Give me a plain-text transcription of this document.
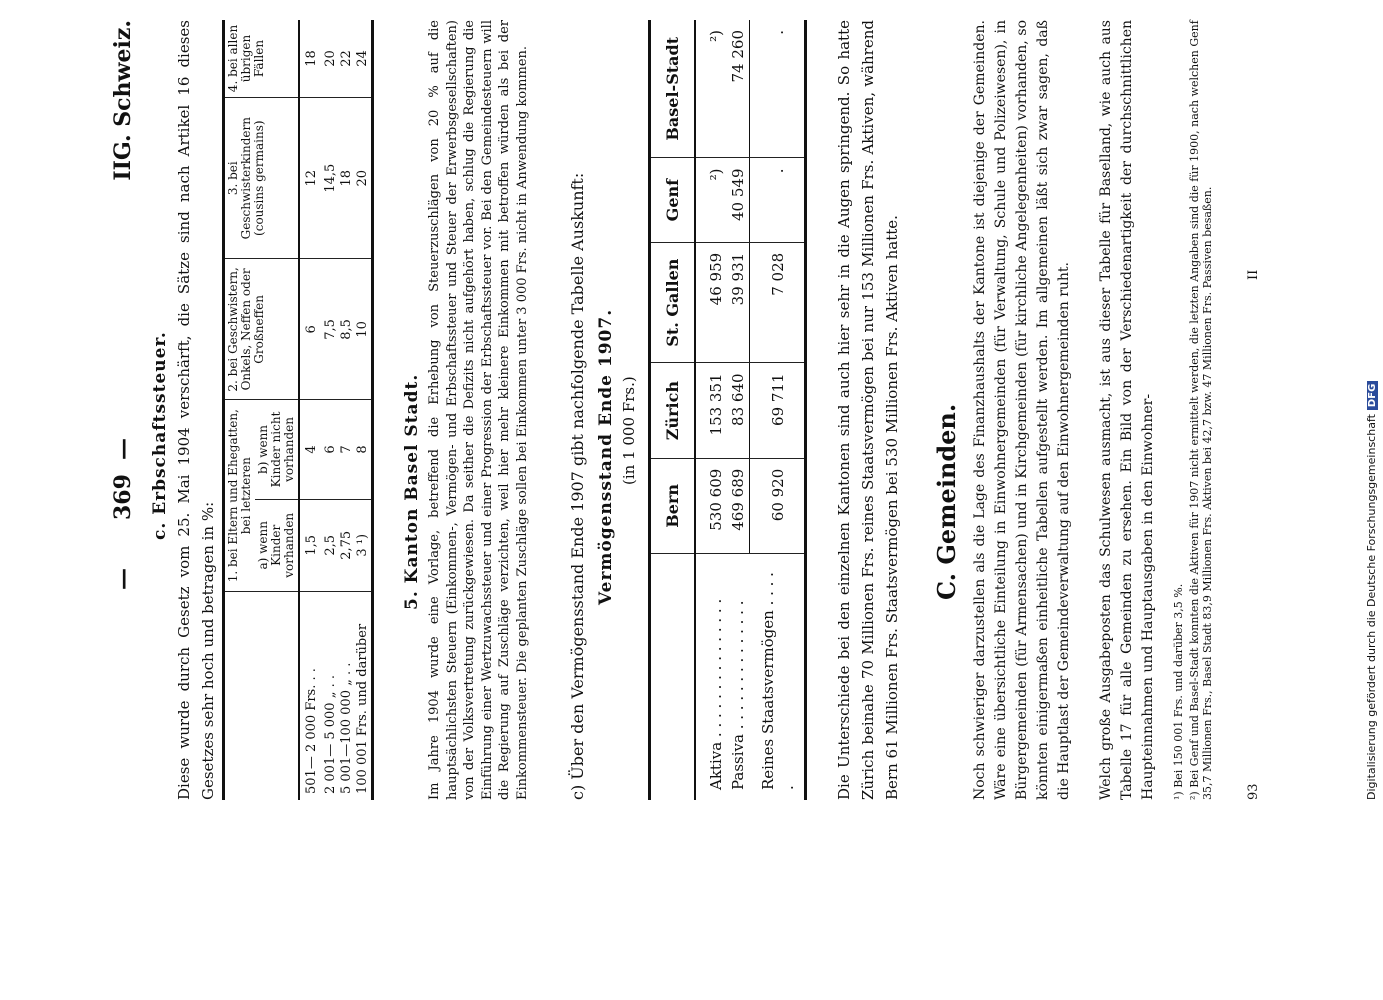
—
369
—
IIG. Schweiz.
c. Erbschaftssteuer. Diese wurde durch Gesetz vom 25. Mai 1904 verschärft, die Sätze sind nach Artikel 16 dieses Gesetzes sehr hoch und betragen in %:
	1. bei Eltern und Ehegatten, bei letzteren		2. bei Geschwistern, Onkels, Neffen oder Großneffen	3. bei Geschwisterkindern (cousins germains)	4. bei allen übrigen Fällen
	a) wenn Kinder vorhanden	b) wenn Kinder nicht vorhanden			
501— 2 000 Frs. . .	1,5	4	6	12	18
2 001— 5 000 „ . .	2,5	6	7,5	14,5	20
5 001—100 000 „ . .	2,75	7	8,5	18	22
100 001 Frs. und darüber	3 ¹)	8	10	20	24
5. Kanton Basel Stadt. Im Jahre 1904 wurde eine Vorlage, betreffend die Erhebung von Steuerzuschlägen von 20 % auf die hauptsächlichsten Steuern (Einkommen-, Vermögen- und Erbschaftssteuer und Steuer der Erwerbsgesellschaften) von der Volksvertretung zurückgewiesen. Da seither die Defizits nicht aufgehört haben, schlug die Regierung die Einführung einer Wertzuwachssteuer und einer Progression der Erbschaftssteuer vor. Bei den Gemeindesteuern will die Regierung auf Zuschläge verzichten, weil hier mehr kleinere Einkommen mit betroffen würden als bei der Einkommensteuer. Die geplanten Zuschläge sollen bei Einkommen unter 3 000 Frs. nicht in Anwendung kommen. c) Über den Vermögensstand Ende 1907 gibt nachfolgende Tabelle Auskunft: Vermögensstand Ende 1907. (in 1 000 Frs.)
	Bern	Zürich	St. Gallen	Genf	Basel-Stadt
Aktiva . . . . . . . . . . . . . . .	530 609	153 351	46 959	²)	²)
Passiva . . . . . . . . . . . . . .	469 689	83 640	39 931	40 549	74 260
Reines Staatsvermögen . . . . .	60 920	69 711	7 028	.	.	Die Unterschiede bei den einzelnen Kantonen sind auch hier sehr in die Augen springend. So hatte Zürich beinahe 70 Millionen Frs. reines Staatsvermögen bei nur 153 Millionen Frs. Aktiven, während Bern 61 Millionen Frs. Staatsvermögen bei 530 Millionen Frs. Aktiven hatte. C. Gemeinden. Noch schwieriger darzustellen als die Lage des Finanzhaushalts der Kantone ist diejenige der Gemeinden. Wäre eine übersichtliche Einteilung in Einwohnergemeinden (für Verwaltung, Schule und Polizeiwesen), in Bürgergemeinden (für Armensachen) und in Kirchgemeinden (für kirchliche Angelegenheiten) vorhanden, so könnten einigermaßen einheitliche Tabellen aufgestellt werden. Im allgemeinen läßt sich zwar sagen, daß die Hauptlast der Gemeindeverwaltung auf den Einwohnergemeinden ruht. Welch große Ausgabeposten das Schulwesen ausmacht, ist aus dieser Tabelle für Baselland, wie auch aus Tabelle 17 für alle Gemeinden zu ersehen. Ein Bild von der Verschiedenartigkeit der durchschnittlichen Haupteinnahmen und Hauptausgaben in den Einwohner- ¹) Bei 150 001 Frs. und darüber 3,5 %. ²) Bei Genf und Basel-Stadt konnten die Aktiven für 1907 nicht ermittelt werden, die letzten Angaben sind die für 1900, nach welchen Genf 35,7 Millionen Frs., Basel Stadt 83,9 Millionen Frs. Aktiven bei 42,7 bzw. 47 Millionen Frs. Passiven besaßen. 93
II
Digitalisierung gefördert durch die Deutsche ForschungsgemeinschaftDFG
